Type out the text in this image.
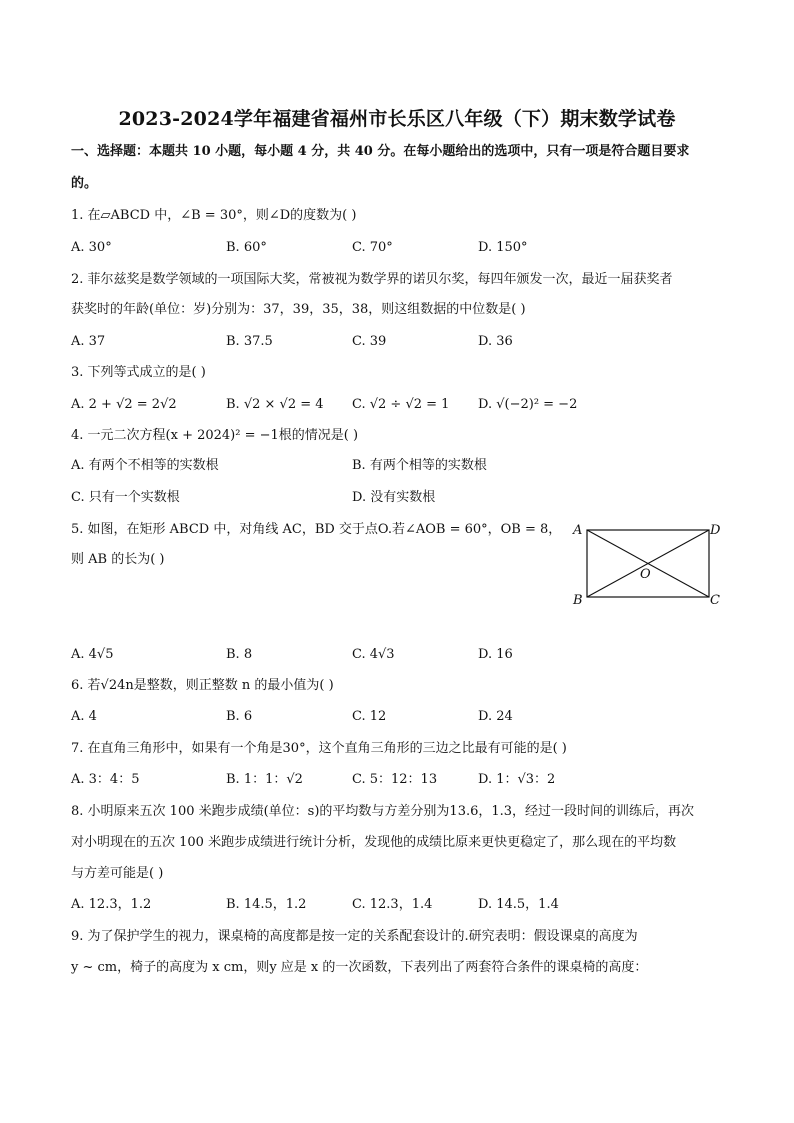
2023-2024学年福建省福州市长乐区八年级（下）期末数学试卷
一、选择题：本题共 10 小题，每小题 4 分，共 40 分。在每小题给出的选项中，只有一项是符合题目要求
的。
1. 在▱ABCD 中，∠B = 30°，则∠D的度数为( )
A. 30°	B. 60°	C. 70°	D. 150°
2. 菲尔兹奖是数学领域的一项国际大奖，常被视为数学界的诺贝尔奖，每四年颁发一次，最近一届获奖者
获奖时的年龄(单位：岁)分别为：37，39，35，38，则这组数据的中位数是( )
A. 37	B. 37.5	C. 39	D. 36
3. 下列等式成立的是( )
A. 2 + √2 = 2√2	B. √2 × √2 = 4 C. √2 ÷ √2 = 1 D. √(−2)² = −2
4. 一元二次方程(x + 2024)² = −1根的情况是( )
A. 有两个不相等的实数根	B. 有两个相等的实数根
C. 只有一个实数根	D. 没有实数根
5. 如图，在矩形 ABCD 中，对角线 AC，BD 交于点O.若∠AOB = 60°，OB = 8，
则 AB 的长为( )
A	D
B	C
O
A. 4√5	B. 8	C. 4√3	D. 16
6. 若√24n是整数，则正整数 n 的最小值为( )
A. 4	B. 6	C. 12	D. 24
7. 在直角三角形中，如果有一个角是30°，这个直角三角形的三边之比最有可能的是( )
A. 3：4：5	B. 1：1：√2	C. 5：12：13	D. 1：√3：2
8. 小明原来五次 100 米跑步成绩(单位：s)的平均数与方差分别为13.6，1.3，经过一段时间的训练后，再次
对小明现在的五次 100 米跑步成绩进行统计分析，发现他的成绩比原来更快更稳定了，那么现在的平均数
与方差可能是( )
A. 12.3，1.2	B. 14.5，1.2	C. 12.3，1.4	D. 14.5，1.4
9. 为了保护学生的视力，课桌椅的高度都是按一定的关系配套设计的.研究表明：假设课桌的高度为
y ~ cm，椅子的高度为 x cm，则y 应是 x 的一次函数，下表列出了两套符合条件的课桌椅的高度：
